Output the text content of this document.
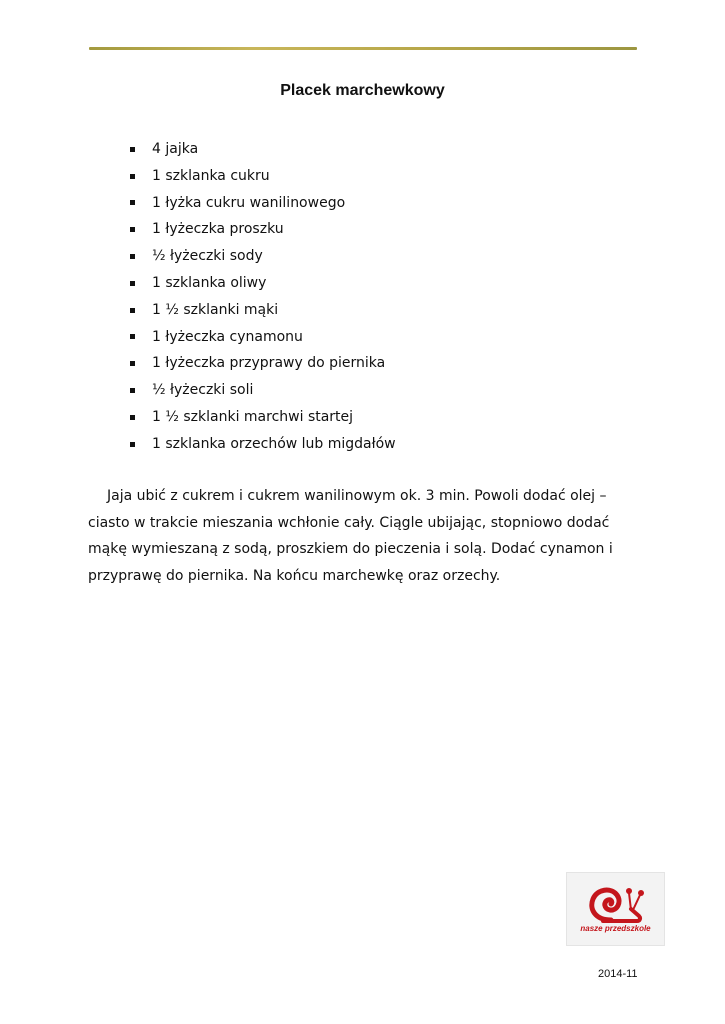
Placek marchewkowy
4 jajka
1 szklanka cukru
1 łyżka cukru wanilinowego
1 łyżeczka proszku
½ łyżeczki sody
1 szklanka oliwy
1 ½ szklanki mąki
1 łyżeczka cynamonu
1 łyżeczka przyprawy do piernika
½ łyżeczki soli
1 ½ szklanki marchwi startej
1 szklanka orzechów lub migdałów

Jaja ubić z cukrem i cukrem wanilinowym ok. 3 min. Powoli dodać olej – ciasto w trakcie mieszania wchłonie cały. Ciągle ubijając, stopniowo dodać mąkę wymieszaną z sodą, proszkiem do pieczenia i solą. Dodać cynamon i przyprawę do piernika. Na końcu marchewkę oraz orzechy.

nasze przedszkole
2014-11
